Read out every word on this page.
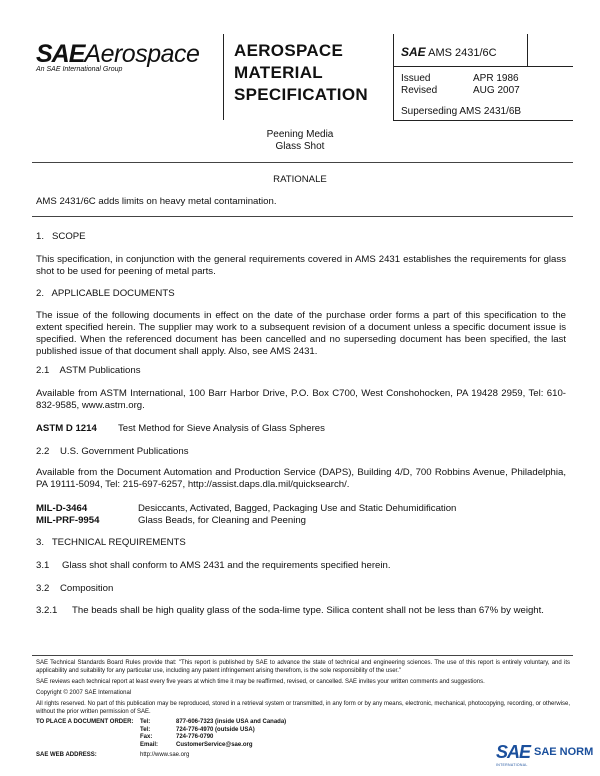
SAEAerospace
An SAE International Group
AEROSPACE
MATERIAL
SPECIFICATION
SAE AMS 2431/6C
Issued	APR 1986
Revised	AUG 2007
Superseding AMS 2431/6B
Peening Media
Glass Shot
RATIONALE
AMS 2431/6C adds limits on heavy metal contamination.
1.   SCOPE
This specification, in conjunction with the general requirements covered in AMS 2431 establishes the requirements for glass shot to be used for peening of metal parts.
2.   APPLICABLE DOCUMENTS
The issue of the following documents in effect on the date of the purchase order forms a part of this specification to the extent specified herein. The supplier may work to a subsequent revision of a document unless a specific document issue is specified. When the referenced document has been cancelled and no superseding document has been specified, the last published issue of that document shall apply. Also, see AMS 2431.
2.1    ASTM Publications
Available from ASTM International, 100 Barr Harbor Drive, P.O. Box C700, West Conshohocken, PA 19428 2959, Tel: 610-832-9585, www.astm.org.
ASTM D 1214 Test Method for Sieve Analysis of Glass Spheres
2.2    U.S. Government Publications
Available from the Document Automation and Production Service (DAPS), Building 4/D, 700 Robbins Avenue, Philadelphia, PA 19111-5094, Tel: 215-697-6257, http://assist.daps.dla.mil/quicksearch/.
MIL-D-3464	Desiccants, Activated, Bagged, Packaging Use and Static Dehumidification
MIL-PRF-9954	Glass Beads, for Cleaning and Peening
3.   TECHNICAL REQUIREMENTS
3.1 Glass shot shall conform to AMS 2431 and the requirements specified herein.
3.2    Composition
3.2.1 The beads shall be high quality glass of the soda-lime type. Silica content shall not be less than 67% by weight.
SAE Technical Standards Board Rules provide that: "This report is published by SAE to advance the state of technical and engineering sciences. The use of this report is entirely voluntary, and its applicability and suitability for any particular use, including any patent infringement arising therefrom, is the sole responsibility of the user."
SAE reviews each technical report at least every five years at which time it may be reaffirmed, revised, or cancelled. SAE invites your written comments and suggestions.
Copyright © 2007 SAE International
All rights reserved. No part of this publication may be reproduced, stored in a retrieval system or transmitted, in any form or by any means, electronic, mechanical, photocopying, recording, or otherwise, without the prior written permission of SAE.
TO PLACE A DOCUMENT ORDER: Tel:	877-606-7323 (inside USA and Canada)
Tel:	724-776-4970 (outside USA)
Fax:	724-776-0790
Email:	CustomerService@sae.org
SAE WEB ADDRESS:	http://www.sae.org	SAE SAE NORM
INTERNATIONAL
